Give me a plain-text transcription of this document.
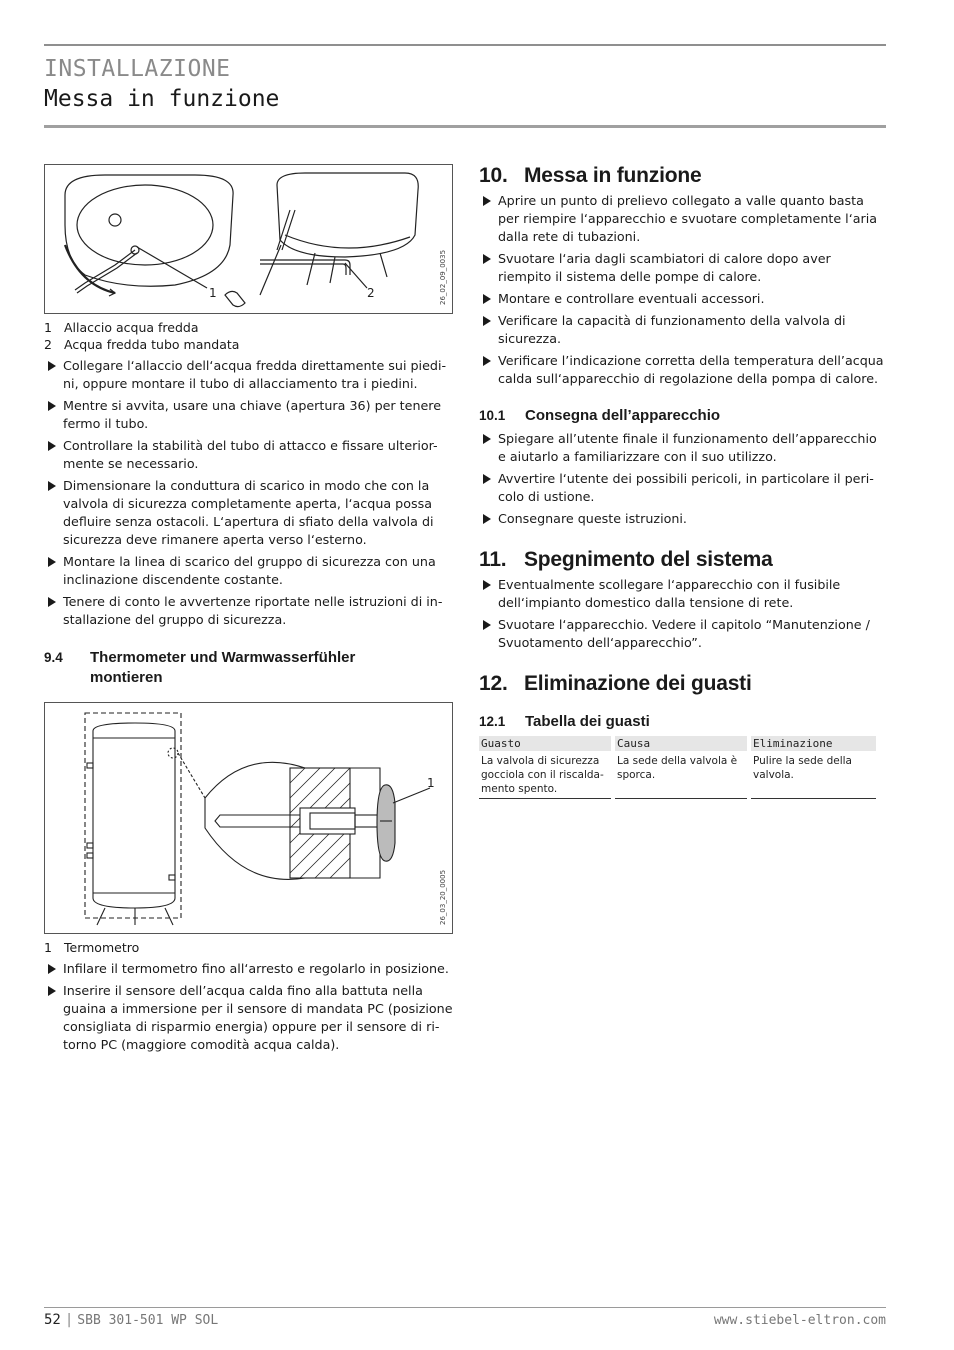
INSTALLAZIONE
Messa in funzione
1	2	26_02_09_0035
1 Allaccio acqua fredda
2 Acqua fredda tubo mandata
Collegare l‘allaccio dell‘acqua fredda direttamente sui piedi-ni, oppure montare il tubo di allacciamento tra i piedini.
Mentre si avvita, usare una chiave (apertura 36) per tenere fermo il tubo.
Controllare la stabilità del tubo di attacco e fissare ulterior-mente se necessario.
Dimensionare la conduttura di scarico in modo che con la valvola di sicurezza completamente aperta, l‘acqua possa defluire senza ostacoli. L‘apertura di sfiato della valvola di sicurezza deve rimanere aperta verso l‘esterno.
Montare la linea di scarico del gruppo di sicurezza con una inclinazione discendente costante.
Tenere di conto le avvertenze riportate nelle istruzioni di in-stallazione del gruppo di sicurezza.
9.4	Thermometer und Warmwasserfühler montieren
1
26_03_20_0005
1 Termometro
Infilare il termometro fino all‘arresto e regolarlo in posizione.
Inserire il sensore dell’acqua calda fino alla battuta nella guaina a immersione per il sensore di mandata PC (posizione consigliata di risparmio energia) oppure per il sensore di ri-torno PC (maggiore comodità acqua calda).
10. Messa in funzione
Aprire un punto di prelievo collegato a valle quanto basta per riempire l‘apparecchio e svuotare completamente l‘aria dalla rete di tubazioni.
Svuotare l‘aria dagli scambiatori di calore dopo aver riempito il sistema delle pompe di calore.
Montare e controllare eventuali accessori.
Verificare la capacità di funzionamento della valvola di sicurezza.
Verificare l’indicazione corretta della temperatura dell’acqua calda sull‘apparecchio di regolazione della pompa di calore.
10.1	Consegna dell’apparecchio
Spiegare all’utente finale il funzionamento dell’apparecchio e aiutarlo a familiarizzare con il suo utilizzo.
Avvertire l‘utente dei possibili pericoli, in particolare il peri-colo di ustione.
Consegnare queste istruzioni.
11. Spegnimento del sistema
Eventualmente scollegare l‘apparecchio con il fusibile dell‘impianto domestico dalla tensione di rete.
Svuotare l‘apparecchio. Vedere il capitolo “Manutenzione / Svuotamento dell‘apparecchio”.
12. Eliminazione dei guasti
12.1	Tabella dei guasti
Guasto	Causa	Eliminazione
La valvola di sicurezza gocciola con il riscalda-mento spento.	La sede della valvola è sporca.	Pulire la sede della valvola.
52 | SBB 301-501 WP SOL	www.stiebel-eltron.com
